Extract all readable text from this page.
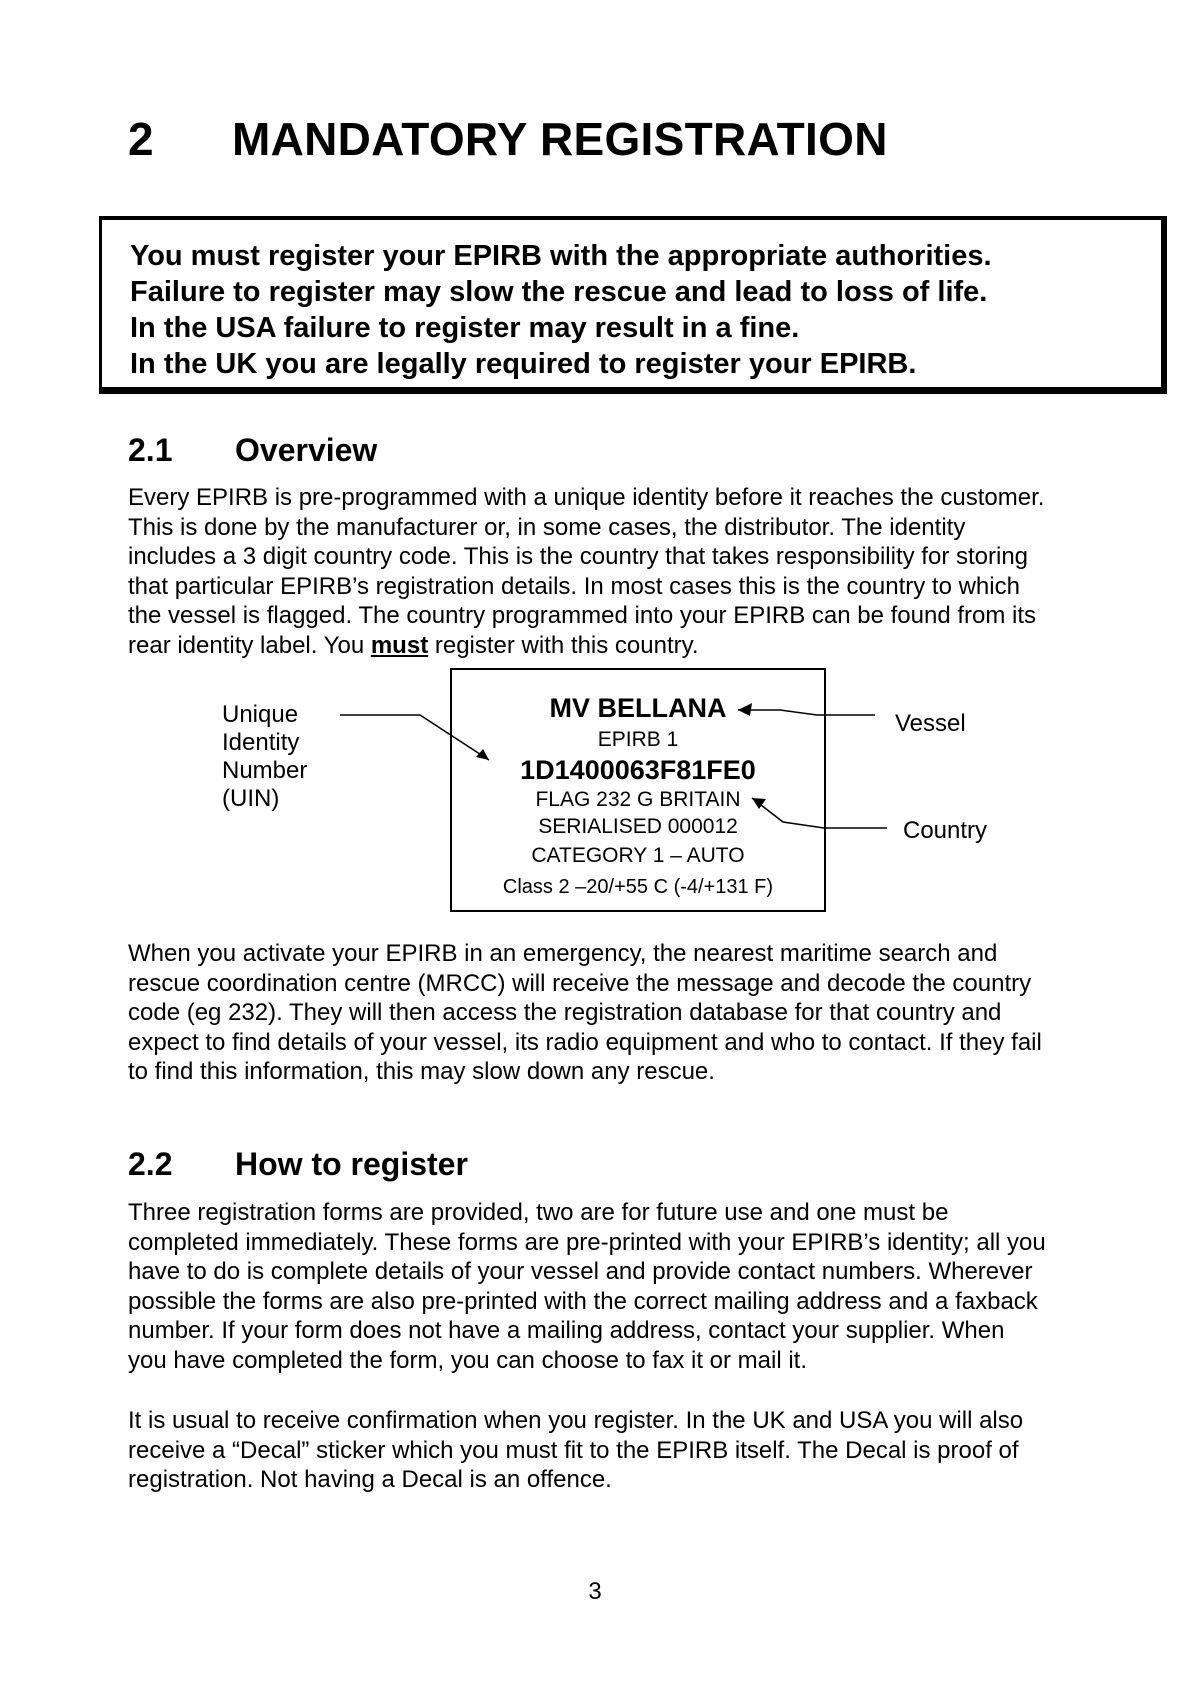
2 MANDATORY REGISTRATION
You must register your EPIRB with the appropriate authorities.
Failure to register may slow the rescue and lead to loss of life.
In the USA failure to register may result in a fine.
In the UK you are legally required to register your EPIRB.
2.1 Overview
Every EPIRB is pre-programmed with a unique identity before it reaches the customer.
This is done by the manufacturer or, in some cases, the distributor. The identity
includes a 3 digit country code. This is the country that takes responsibility for storing
that particular EPIRB’s registration details. In most cases this is the country to which
the vessel is flagged. The country programmed into your EPIRB can be found from its
rear identity label. You must register with this country.
Unique
Identity
Number
(UIN)
Vessel
Country
MV BELLANA
EPIRB 1
1D1400063F81FE0
FLAG 232 G BRITAIN
SERIALISED 000012
CATEGORY 1 – AUTO
Class 2 –20/+55 C (-4/+131 F)
When you activate your EPIRB in an emergency, the nearest maritime search and
rescue coordination centre (MRCC) will receive the message and decode the country
code (eg 232). They will then access the registration database for that country and
expect to find details of your vessel, its radio equipment and who to contact. If they fail
to find this information, this may slow down any rescue.
2.2 How to register
Three registration forms are provided, two are for future use and one must be
completed immediately. These forms are pre-printed with your EPIRB’s identity; all you
have to do is complete details of your vessel and provide contact numbers. Wherever
possible the forms are also pre-printed with the correct mailing address and a faxback
number. If your form does not have a mailing address, contact your supplier. When
you have completed the form, you can choose to fax it or mail it.
It is usual to receive confirmation when you register. In the UK and USA you will also
receive a “Decal” sticker which you must fit to the EPIRB itself. The Decal is proof of
registration. Not having a Decal is an offence.
3
